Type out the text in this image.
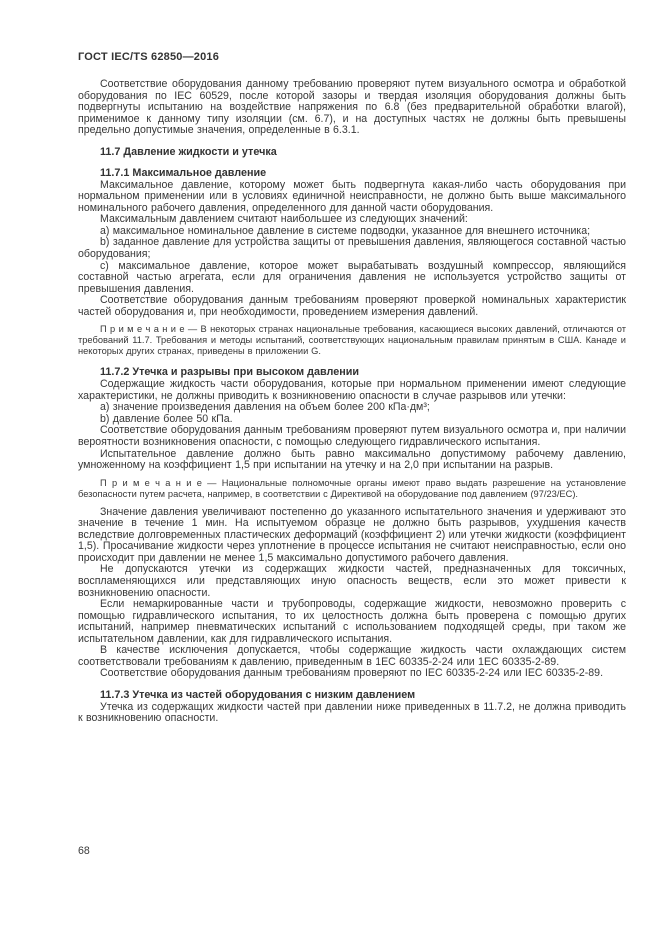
ГОСТ IEC/TS 62850—2016

Соответствие оборудования данному требованию проверяют путем визуального осмотра и обработкой оборудования по IEC 60529, после которой зазоры и твердая изоляция оборудования должны быть подвергнуты испытанию на воздействие напряжения по 6.8 (без предварительной обработки влагой), применимое к данному типу изоляции (см. 6.7), и на доступных частях не должны быть превышены предельно допустимые значения, определенные в 6.3.1.

11.7 Давление жидкости и утечка
11.7.1 Максимальное давление

Максимальное давление, которому может быть подвергнута какая-либо часть оборудования при нормальном применении или в условиях единичной неисправности, не должно быть выше максимального номинального рабочего давления, определенного для данной части оборудования.

Максимальным давлением считают наибольшее из следующих значений:

a) максимальное номинальное давление в системе подводки, указанное для внешнего источника;

b) заданное давление для устройства защиты от превышения давления, являющегося составной частью оборудования;

c) максимальное давление, которое может вырабатывать воздушный компрессор, являющийся составной частью агрегата, если для ограничения давления не используется устройство защиты от превышения давления.

Соответствие оборудования данным требованиям проверяют проверкой номинальных характеристик частей оборудования и, при необходимости, проведением измерения давлений.

П р и м е ч а н и е — В некоторых странах национальные требования, касающиеся высоких давлений, отличаются от требований 11.7. Требования и методы испытаний, соответствующих национальным правилам принятым в США. Канаде и некоторых других странах, приведены в приложении G.

11.7.2 Утечка и разрывы при высоком давлении

Содержащие жидкость части оборудования, которые при нормальном применении имеют следующие характеристики, не должны приводить к возникновению опасности в случае разрывов или утечки:

a) значение произведения давления на объем более 200 кПа·дм³;

b) давление более 50 кПа.

Соответствие оборудования данным требованиям проверяют путем визуального осмотра и, при наличии вероятности возникновения опасности, с помощью следующего гидравлического испытания.

Испытательное давление должно быть равно максимально допустимому рабочему давлению, умноженному на коэффициент 1,5 при испытании на утечку и на 2,0 при испытании на разрыв.

П р и м е ч а н и е — Национальные полномочные органы имеют право выдать разрешение на установление безопасности путем расчета, например, в соответствии с Директивой на оборудование под давлением (97/23/ЕС).

Значение давления увеличивают постепенно до указанного испытательного значения и удерживают это значение в течение 1 мин. На испытуемом образце не должно быть разрывов, ухудшения качеств вследствие долговременных пластических деформаций (коэффициент 2) или утечки жидкости (коэффициент 1,5). Просачивание жидкости через уплотнение в процессе испытания не считают неисправностью, если оно происходит при давлении не менее 1,5 максимально допустимого рабочего давления.

Не допускаются утечки из содержащих жидкости частей, предназначенных для токсичных, воспламеняющихся или представляющих иную опасность веществ, если это может привести к возникновению опасности.

Если немаркированные части и трубопроводы, содержащие жидкости, невозможно проверить с помощью гидравлического испытания, то их целостность должна быть проверена с помощью других испытаний, например пневматических испытаний с использованием подходящей среды, при таком же испытательном давлении, как для гидравлического испытания.

В качестве исключения допускается, чтобы содержащие жидкость части охлаждающих систем соответствовали требованиям к давлению, приведенным в 1ЕС 60335-2-24 или 1ЕС 60335-2-89.

Соответствие оборудования данным требованиям проверяют по IEC 60335-2-24 или IEC 60335-2-89.

11.7.3 Утечка из частей оборудования с низким давлением

Утечка из содержащих жидкости частей при давлении ниже приведенных в 11.7.2, не должна приводить к возникновению опасности.

68
